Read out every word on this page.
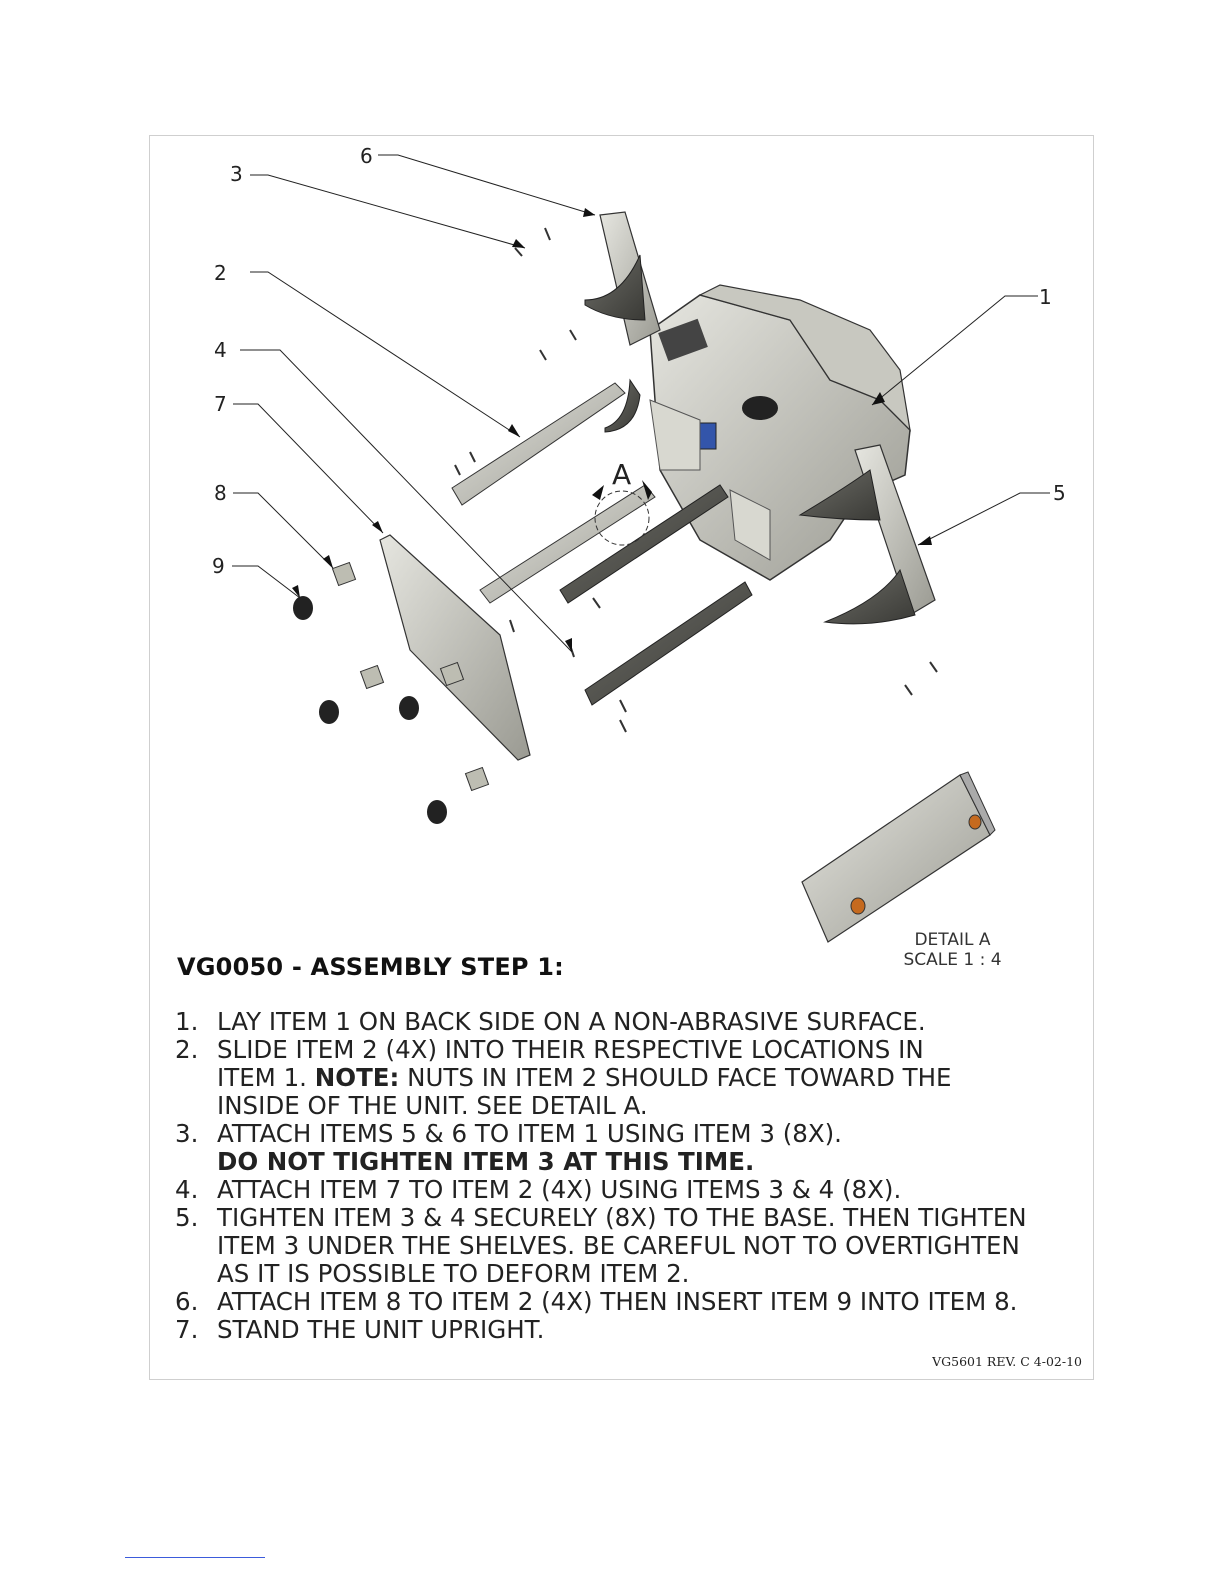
A
1
2
3
4
5
6
7
8
9
DETAIL A
SCALE 1 : 4
VG0050 - ASSEMBLY STEP 1:
1. LAY ITEM 1 ON BACK SIDE ON A NON-ABRASIVE SURFACE.
2. SLIDE ITEM 2 (4X) INTO THEIR RESPECTIVE LOCATIONS IN
ITEM 1. NOTE: NUTS IN ITEM 2 SHOULD FACE TOWARD THE
INSIDE OF THE UNIT. SEE DETAIL A.
3. ATTACH ITEMS 5 & 6 TO ITEM 1 USING ITEM 3 (8X).
DO NOT TIGHTEN ITEM 3 AT THIS TIME.
4. ATTACH ITEM 7 TO ITEM 2 (4X) USING ITEMS 3 & 4 (8X).
5. TIGHTEN ITEM 3 & 4 SECURELY (8X) TO THE BASE. THEN TIGHTEN
ITEM 3 UNDER THE SHELVES. BE CAREFUL NOT TO OVERTIGHTEN
AS IT IS POSSIBLE TO DEFORM ITEM 2.
6. ATTACH ITEM 8 TO ITEM 2 (4X) THEN INSERT ITEM 9 INTO ITEM 8.
7. STAND THE UNIT UPRIGHT.
VG5601 REV. C 4-02-10
